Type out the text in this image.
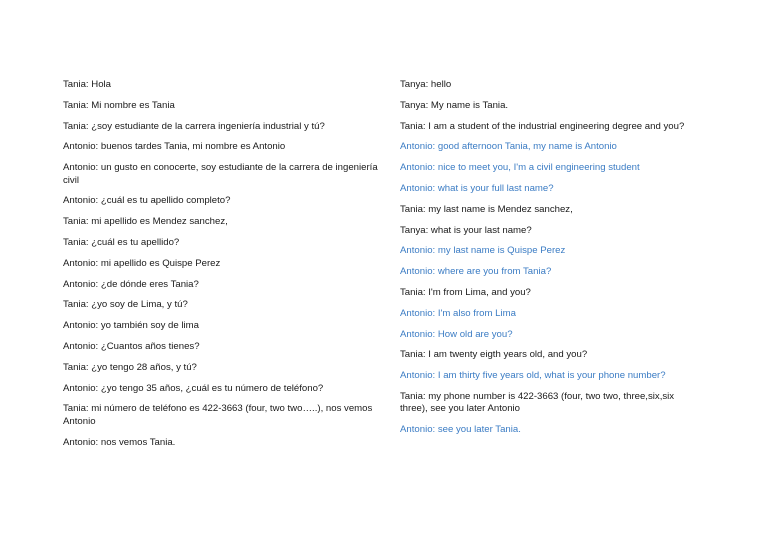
Tania: Hola

Tania: Mi nombre es Tania

Tania: ¿soy estudiante de la carrera ingeniería industrial y tú?

Antonio: buenos tardes Tania, mi nombre es Antonio

Antonio: un gusto en conocerte, soy estudiante de la carrera de ingeniería civil

Antonio: ¿cuál es tu apellido completo?

Tania: mi apellido es Mendez sanchez,

Tania: ¿cuál es tu apellido?

Antonio: mi apellido es Quispe Perez

Antonio: ¿de dónde eres Tania?

Tania: ¿yo soy de Lima, y tú?

Antonio: yo también soy de lima

Antonio: ¿Cuantos años tienes?

Tania: ¿yo tengo 28 años, y tú?

Antonio: ¿yo tengo 35 años, ¿cuál es tu número de teléfono?

Tania: mi número de teléfono es 422-3663 (four, two two…..), nos vemos Antonio

Antonio: nos vemos Tania.

Tanya: hello

Tanya: My name is Tania.

Tania: I am a student of the industrial engineering degree and you?

Antonio: good afternoon Tania, my name is Antonio

Antonio: nice to meet you, I'm a civil engineering student

Antonio: what is your full last name?

Tania: my last name is Mendez sanchez,

Tanya: what is your last name?

Antonio: my last name is Quispe Perez

Antonio: where are you from Tania?

Tania: I'm from Lima, and you?

Antonio: I'm also from Lima

Antonio: How old are you?

Tania: I am twenty eigth years old, and you?

Antonio: I am thirty five years old, what is your phone number?

Tania: my phone number is 422-3663 (four, two two, three,six,six three), see you later Antonio

Antonio: see you later Tania.
